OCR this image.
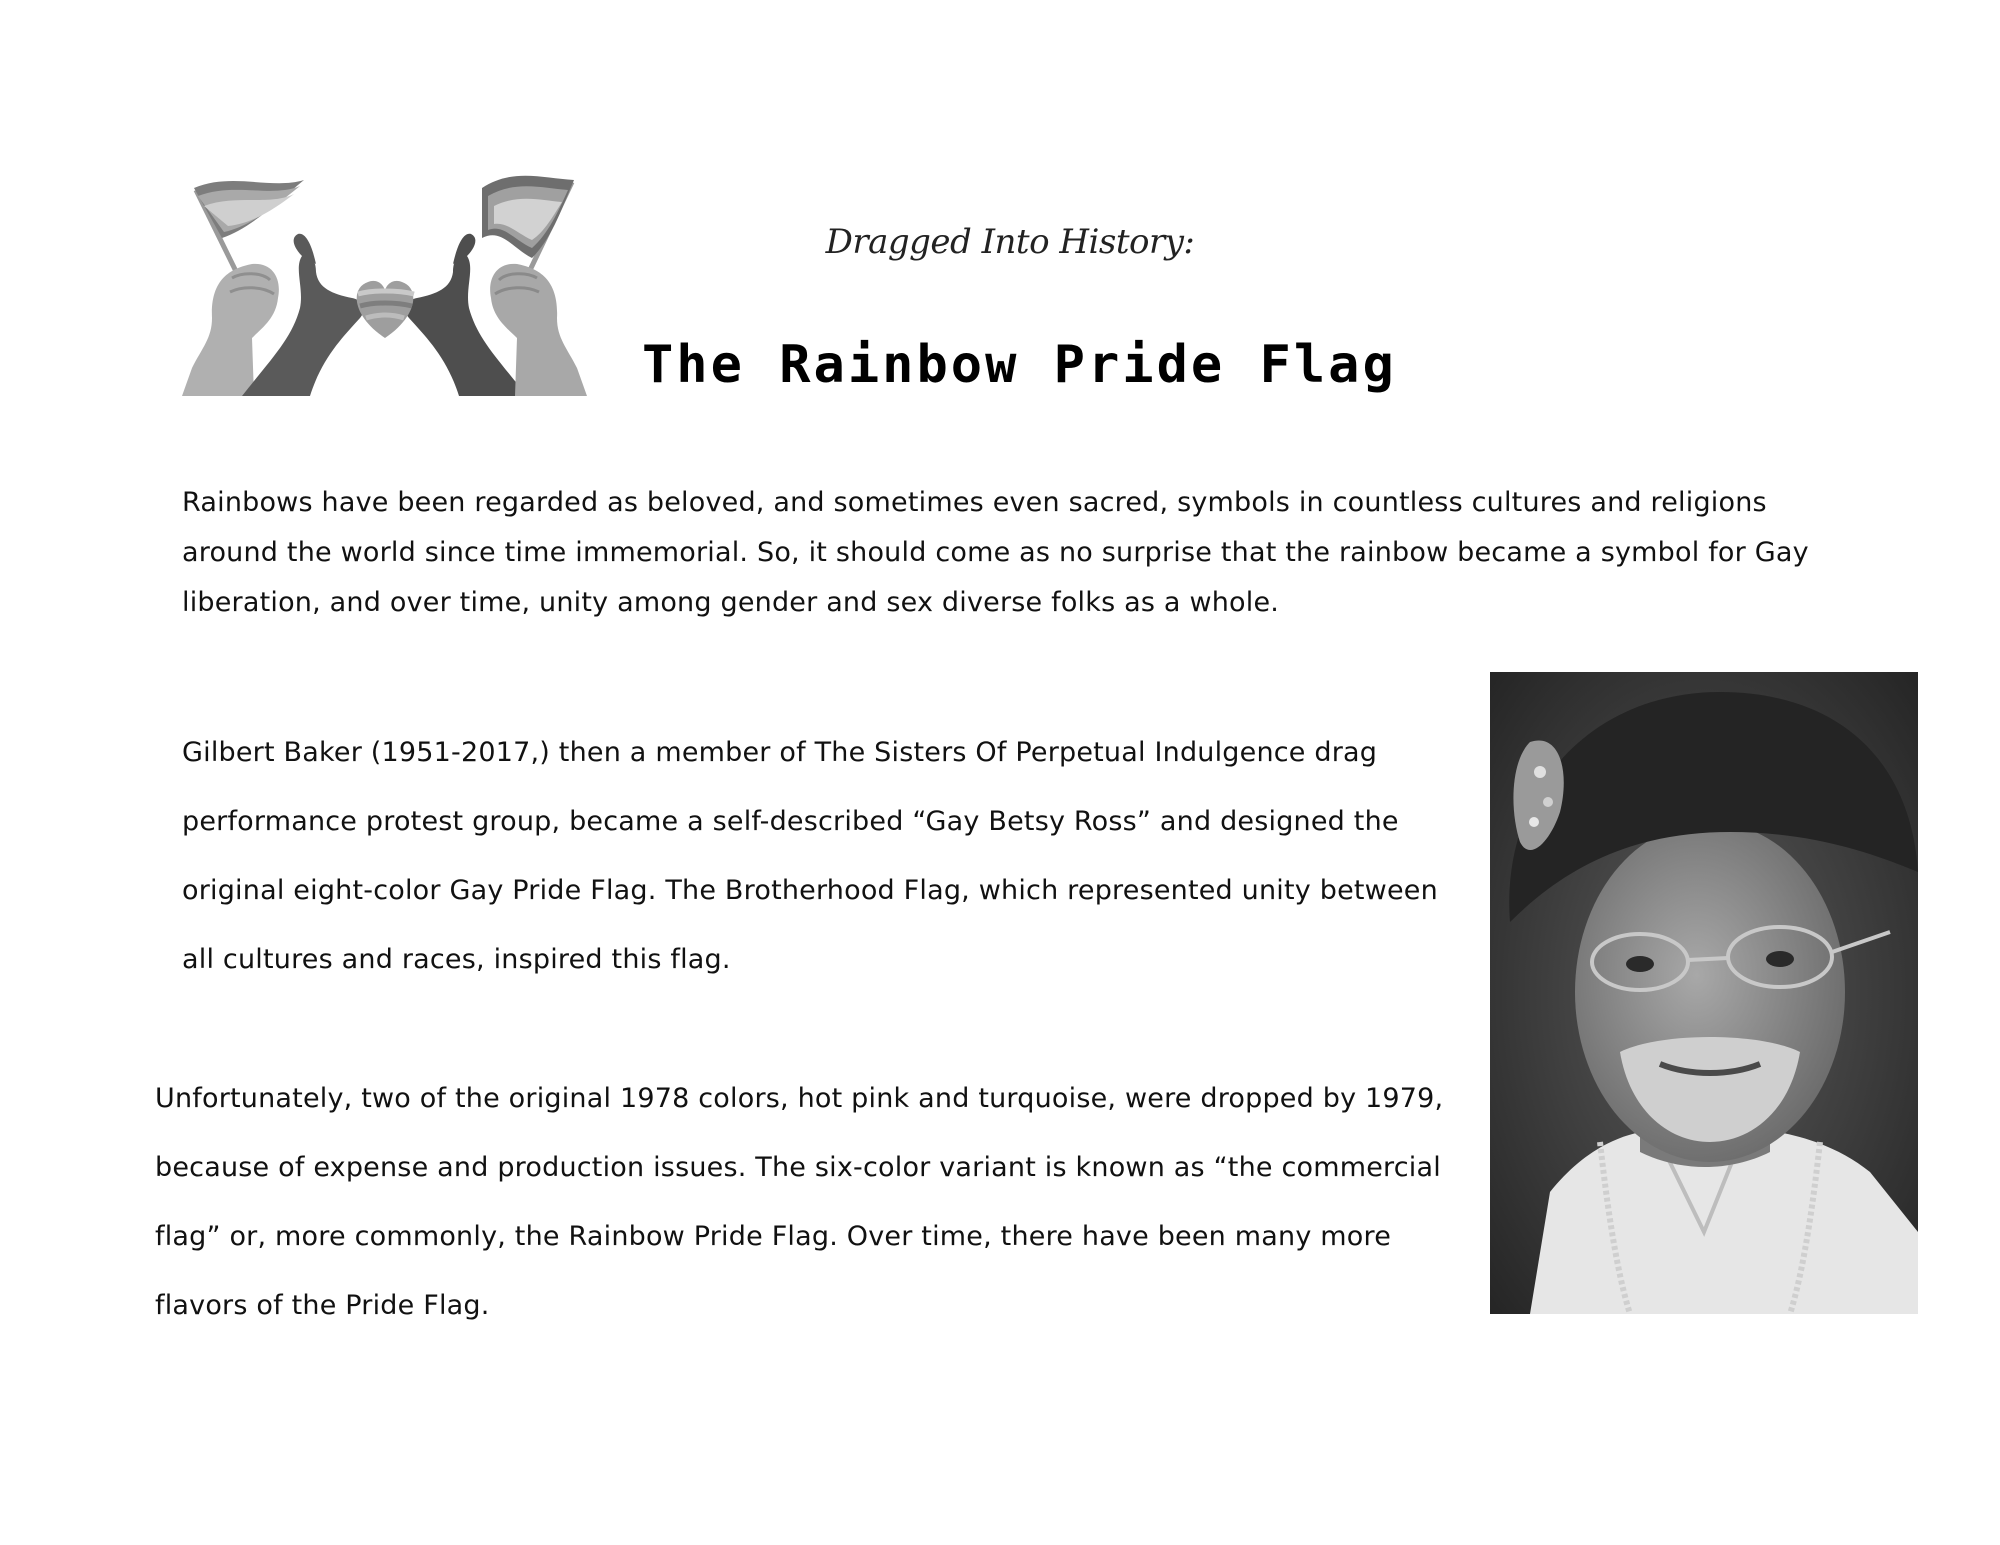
Dragged Into History:
The Rainbow Pride Flag

Rainbows have been regarded as beloved, and sometimes even sacred, symbols in countless cultures and religions around the world since time immemorial. So, it should come as no surprise that the rainbow became a symbol for Gay liberation, and over time, unity among gender and sex diverse folks as a whole.

Gilbert Baker (1951-2017,) then a member of The Sisters Of Perpetual Indulgence drag performance protest group, became a self-described “Gay Betsy Ross” and designed the original eight-color Gay Pride Flag. The Brotherhood Flag, which represented unity between all cultures and races, inspired this flag.

Unfortunately, two of the original 1978 colors, hot pink and turquoise, were dropped by 1979, because of expense and production issues. The six-color variant is known as “the commercial flag” or, more commonly, the Rainbow Pride Flag. Over time, there have been many more flavors of the Pride Flag.
